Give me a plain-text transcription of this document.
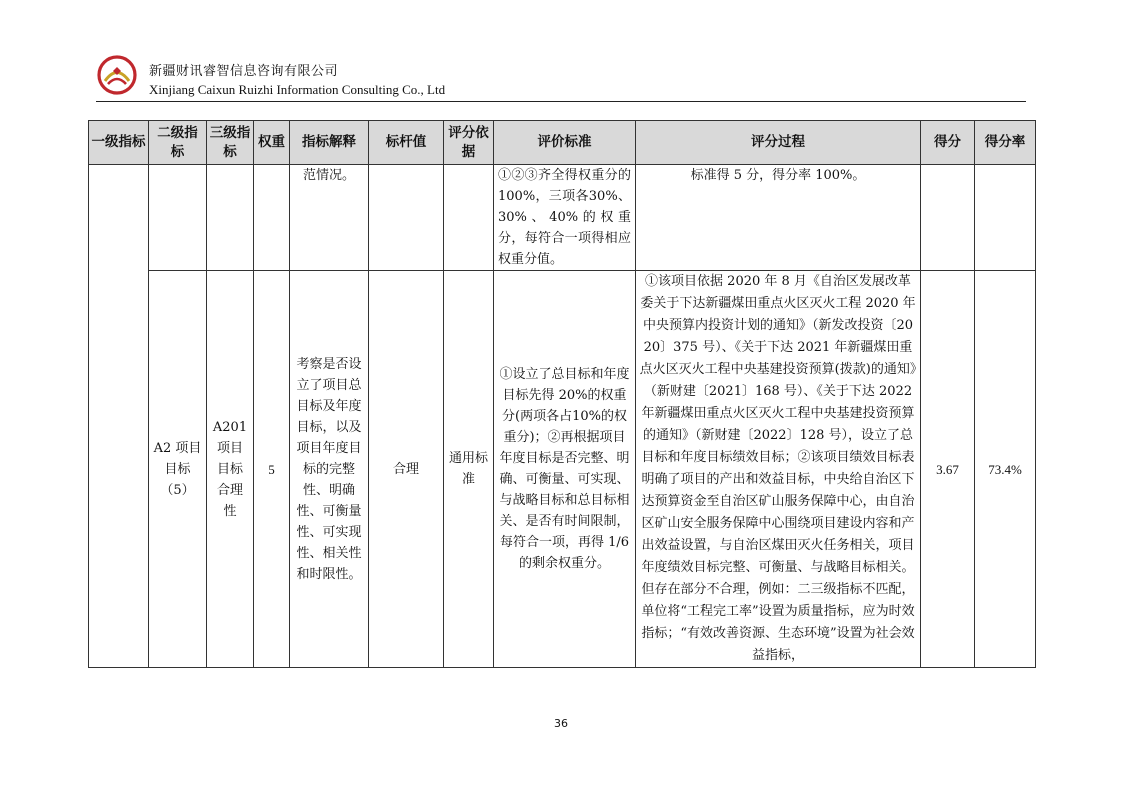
新疆财讯睿智信息咨询有限公司
Xinjiang Caixun Ruizhi Information Consulting Co., Ltd
一级指标	二级指标	三级指标	权重	指标解释	标杆值	评分依据	评价标准	评分过程	得分	得分率

				范情况。			①②③齐全得权重分的 100%，三项各30%、30%、40%的权重分，每符合一项得相应权重分值。	标准得 5 分，得分率 100%。		

	A2 项目目标（5）	A201 项目目标合理性	5	考察是否设立了项目总目标及年度目标，以及项目年度目标的完整性、明确性、可衡量性、可实现性、相关性和时限性。	合理	通用标准	①设立了总目标和年度目标先得 20%的权重分(两项各占10%的权重分)；②再根据项目年度目标是否完整、明确、可衡量、可实现、与战略目标和总目标相关、是否有时间限制，每符合一项，再得 1/6 的剩余权重分。	①该项目依据 2020 年 8 月《自治区发展改革委关于下达新疆煤田重点火区灭火工程 2020 年中央预算内投资计划的通知》（新发改投资〔2020〕375 号）、《关于下达 2021 年新疆煤田重点火区灭火工程中央基建投资预算(拨款)的通知》（新财建〔2021〕168 号）、《关于下达 2022 年新疆煤田重点火区灭火工程中央基建投资预算的通知》（新财建〔2022〕128 号），设立了总目标和年度目标绩效目标；②该项目绩效目标表明确了项目的产出和效益目标，中央给自治区下达预算资金至自治区矿山服务保障中心，由自治区矿山安全服务保障中心围绕项目建设内容和产出效益设置，与自治区煤田灭火任务相关，项目年度绩效目标完整、可衡量、与战略目标相关。但存在部分不合理，例如：二三级指标不匹配，单位将“工程完工率”设置为质量指标，应为时效指标；“有效改善资源、生态环境”设置为社会效益指标，	3.67	73.4%
36
